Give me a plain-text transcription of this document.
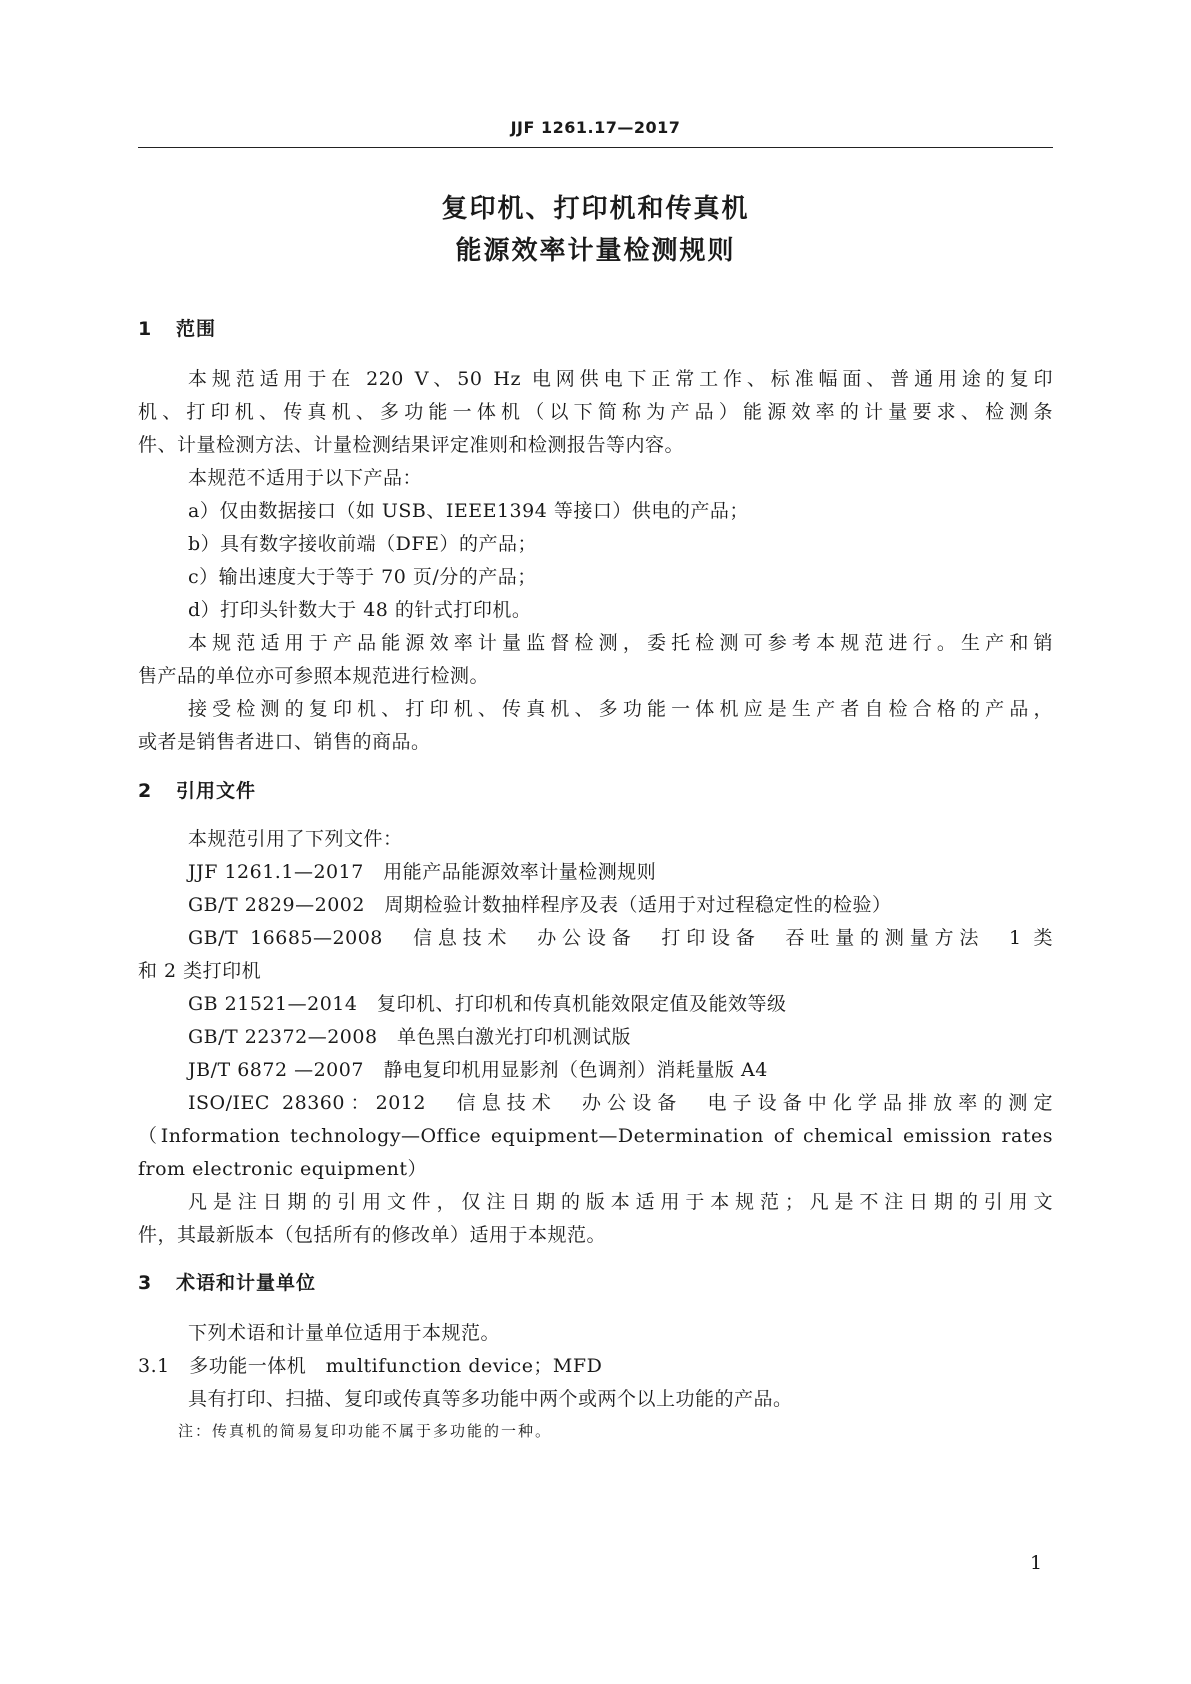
JJF 1261.17—2017
复印机、打印机和传真机
能源效率计量检测规则
1 范围
本规范适用于在 220 V、50 Hz 电网供电下正常工作、标准幅面、普通用途的复印
机、打印机、传真机、多功能一体机（以下简称为产品）能源效率的计量要求、检测条
件、计量检测方法、计量检测结果评定准则和检测报告等内容。
本规范不适用于以下产品：
a）仅由数据接口（如 USB、IEEE1394 等接口）供电的产品；
b）具有数字接收前端（DFE）的产品；
c）输出速度大于等于 70 页/分的产品；
d）打印头针数大于 48 的针式打印机。
本规范适用于产品能源效率计量监督检测，委托检测可参考本规范进行。生产和销
售产品的单位亦可参照本规范进行检测。
接受检测的复印机、打印机、传真机、多功能一体机应是生产者自检合格的产品，
或者是销售者进口、销售的商品。
2 引用文件
本规范引用了下列文件：
JJF 1261.1—2017　用能产品能源效率计量检测规则
GB/T 2829—2002　周期检验计数抽样程序及表（适用于对过程稳定性的检验）
GB/T 16685—2008　信息技术　办公设备　打印设备　吞吐量的测量方法　1 类
和 2 类打印机
GB 21521—2014　复印机、打印机和传真机能效限定值及能效等级
GB/T 22372—2008　单色黑白激光打印机测试版
JB/T 6872 —2007　静电复印机用显影剂（色调剂）消耗量版 A4
ISO/IEC 28360：2012　信息技术　办公设备　电子设备中化学品排放率的测定
（Information technology—Office equipment—Determination of chemical emission rates
from electronic equipment）
凡是注日期的引用文件，仅注日期的版本适用于本规范；凡是不注日期的引用文
件，其最新版本（包括所有的修改单）适用于本规范。
3 术语和计量单位
下列术语和计量单位适用于本规范。
3.1　多功能一体机　multifunction device；MFD
具有打印、扫描、复印或传真等多功能中两个或两个以上功能的产品。
注：传真机的简易复印功能不属于多功能的一种。
1
